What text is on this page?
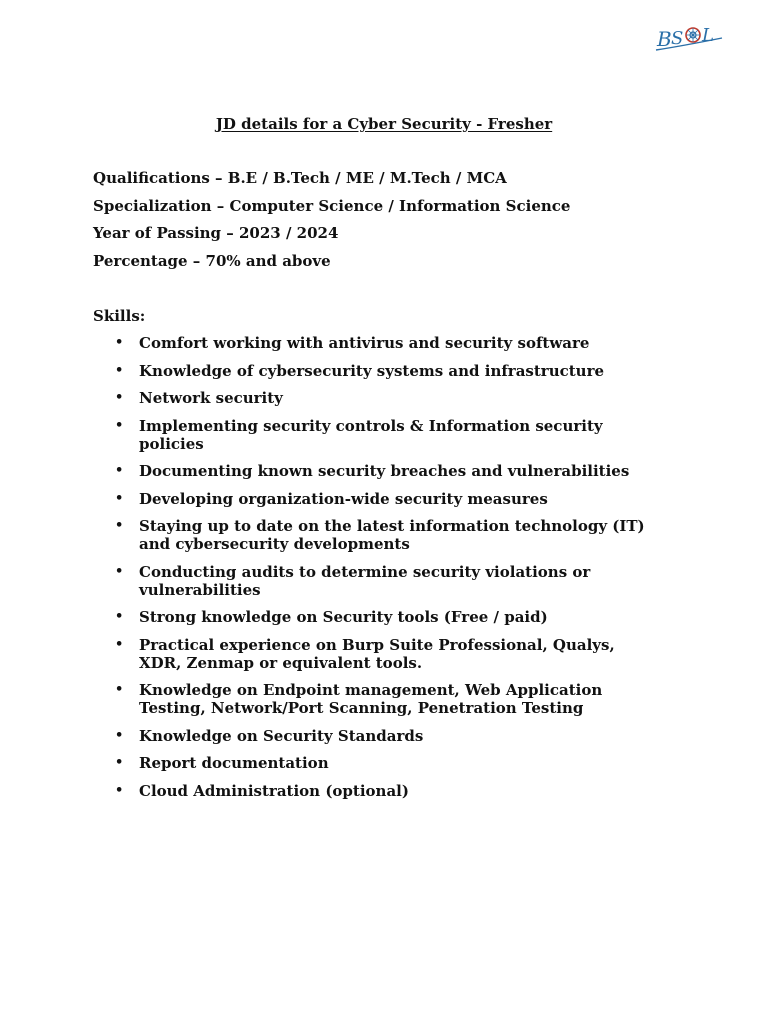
B S L
JD details for a Cyber Security - Fresher
Qualifications – B.E / B.Tech / ME / M.Tech / MCA
Specialization – Computer Science / Information Science
Year of Passing – 2023 / 2024
Percentage – 70% and above
Skills:
• Comfort working with antivirus and security software
• Knowledge of cybersecurity systems and infrastructure
• Network security
• Implementing security controls & Information security policies
• Documenting known security breaches and vulnerabilities
• Developing organization-wide security measures
• Staying up to date on the latest information technology (IT) and cybersecurity developments
• Conducting audits to determine security violations or vulnerabilities
• Strong knowledge on Security tools (Free / paid)
• Practical experience on Burp Suite Professional, Qualys, XDR, Zenmap or equivalent tools.
• Knowledge on Endpoint management, Web Application Testing, Network/Port Scanning, Penetration Testing
• Knowledge on Security Standards
• Report documentation
• Cloud Administration (optional)
